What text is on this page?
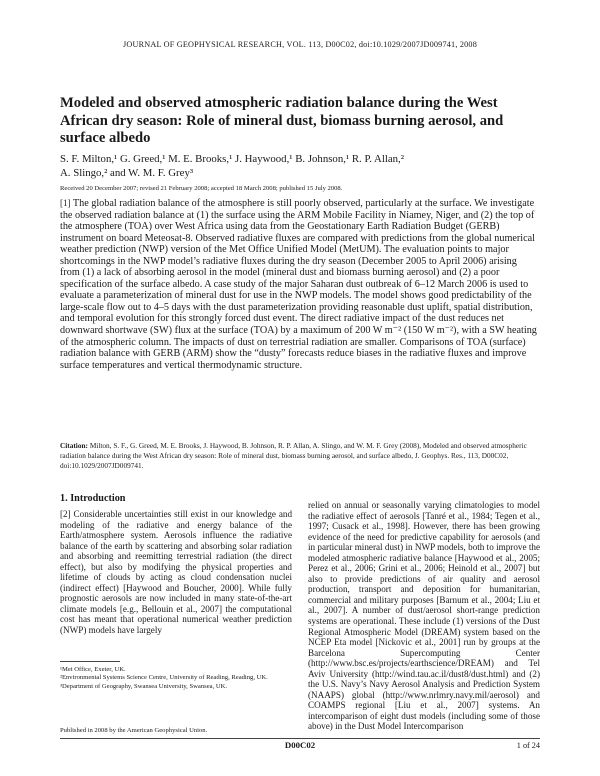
JOURNAL OF GEOPHYSICAL RESEARCH, VOL. 113, D00C02, doi:10.1029/2007JD009741, 2008
Modeled and observed atmospheric radiation balance during the West African dry season: Role of mineral dust, biomass burning aerosol, and surface albedo
S. F. Milton,¹ G. Greed,¹ M. E. Brooks,¹ J. Haywood,¹ B. Johnson,¹ R. P. Allan,²
A. Slingo,² and W. M. F. Grey³
Received 20 December 2007; revised 21 February 2008; accepted 18 March 2008; published 15 July 2008.
[1] The global radiation balance of the atmosphere is still poorly observed, particularly at the surface. We investigate the observed radiation balance at (1) the surface using the ARM Mobile Facility in Niamey, Niger, and (2) the top of the atmosphere (TOA) over West Africa using data from the Geostationary Earth Radiation Budget (GERB) instrument on board Meteosat-8. Observed radiative fluxes are compared with predictions from the global numerical weather prediction (NWP) version of the Met Office Unified Model (MetUM). The evaluation points to major shortcomings in the NWP model’s radiative fluxes during the dry season (December 2005 to April 2006) arising from (1) a lack of absorbing aerosol in the model (mineral dust and biomass burning aerosol) and (2) a poor specification of the surface albedo. A case study of the major Saharan dust outbreak of 6–12 March 2006 is used to evaluate a parameterization of mineral dust for use in the NWP models. The model shows good predictability of the large-scale flow out to 4–5 days with the dust parameterization providing reasonable dust uplift, spatial distribution, and temporal evolution for this strongly forced dust event. The direct radiative impact of the dust reduces net downward shortwave (SW) flux at the surface (TOA) by a maximum of 200 W m⁻² (150 W m⁻²), with a SW heating of the atmospheric column. The impacts of dust on terrestrial radiation are smaller. Comparisons of TOA (surface) radiation balance with GERB (ARM) show the “dusty” forecasts reduce biases in the radiative fluxes and improve surface temperatures and vertical thermodynamic structure.
Citation: Milton, S. F., G. Greed, M. E. Brooks, J. Haywood, B. Johnson, R. P. Allan, A. Slingo, and W. M. F. Grey (2008), Modeled and observed atmospheric radiation balance during the West African dry season: Role of mineral dust, biomass burning aerosol, and surface albedo, J. Geophys. Res., 113, D00C02, doi:10.1029/2007JD009741.
1. Introduction
[2] Considerable uncertainties still exist in our knowledge and modeling of the radiative and energy balance of the Earth/atmosphere system. Aerosols influence the radiative balance of the earth by scattering and absorbing solar radiation and absorbing and reemitting terrestrial radiation (the direct effect), but also by modifying the physical properties and lifetime of clouds by acting as cloud condensation nuclei (indirect effect) [Haywood and Boucher, 2000]. While fully prognostic aerosols are now included in many state-of-the-art climate models [e.g., Bellouin et al., 2007] the computational cost has meant that operational numerical weather prediction (NWP) models have largely
relied on annual or seasonally varying climatologies to model the radiative effect of aerosols [Tanré et al., 1984; Tegen et al., 1997; Cusack et al., 1998]. However, there has been growing evidence of the need for predictive capability for aerosols (and in particular mineral dust) in NWP models, both to improve the modeled atmospheric radiative balance [Haywood et al., 2005; Perez et al., 2006; Grini et al., 2006; Heinold et al., 2007] but also to provide predictions of air quality and aerosol production, transport and deposition for humanitarian, commercial and military purposes [Barnum et al., 2004; Liu et al., 2007]. A number of dust/aerosol short-range prediction systems are operational. These include (1) versions of the Dust Regional Atmospheric Model (DREAM) system based on the NCEP Eta model [Nickovic et al., 2001] run by groups at the Barcelona Supercomputing Center (http://www.bsc.es/projects/earthscience/DREAM) and Tel Aviv University (http://wind.tau.ac.il/dust8/dust.html) and (2) the U.S. Navy’s Navy Aerosol Analysis and Prediction System (NAAPS) global (http://www.nrlmry.navy.mil/aerosol) and COAMPS regional [Liu et al., 2007] systems. An intercomparison of eight dust models (including some of those above) in the Dust Model Intercomparison

¹Met Office, Exeter, UK.

²Environmental Systems Science Centre, University of Reading, Reading, UK.

³Department of Geography, Swansea University, Swansea, UK.

Published in 2008 by the American Geophysical Union.
D00C02	1 of 24
